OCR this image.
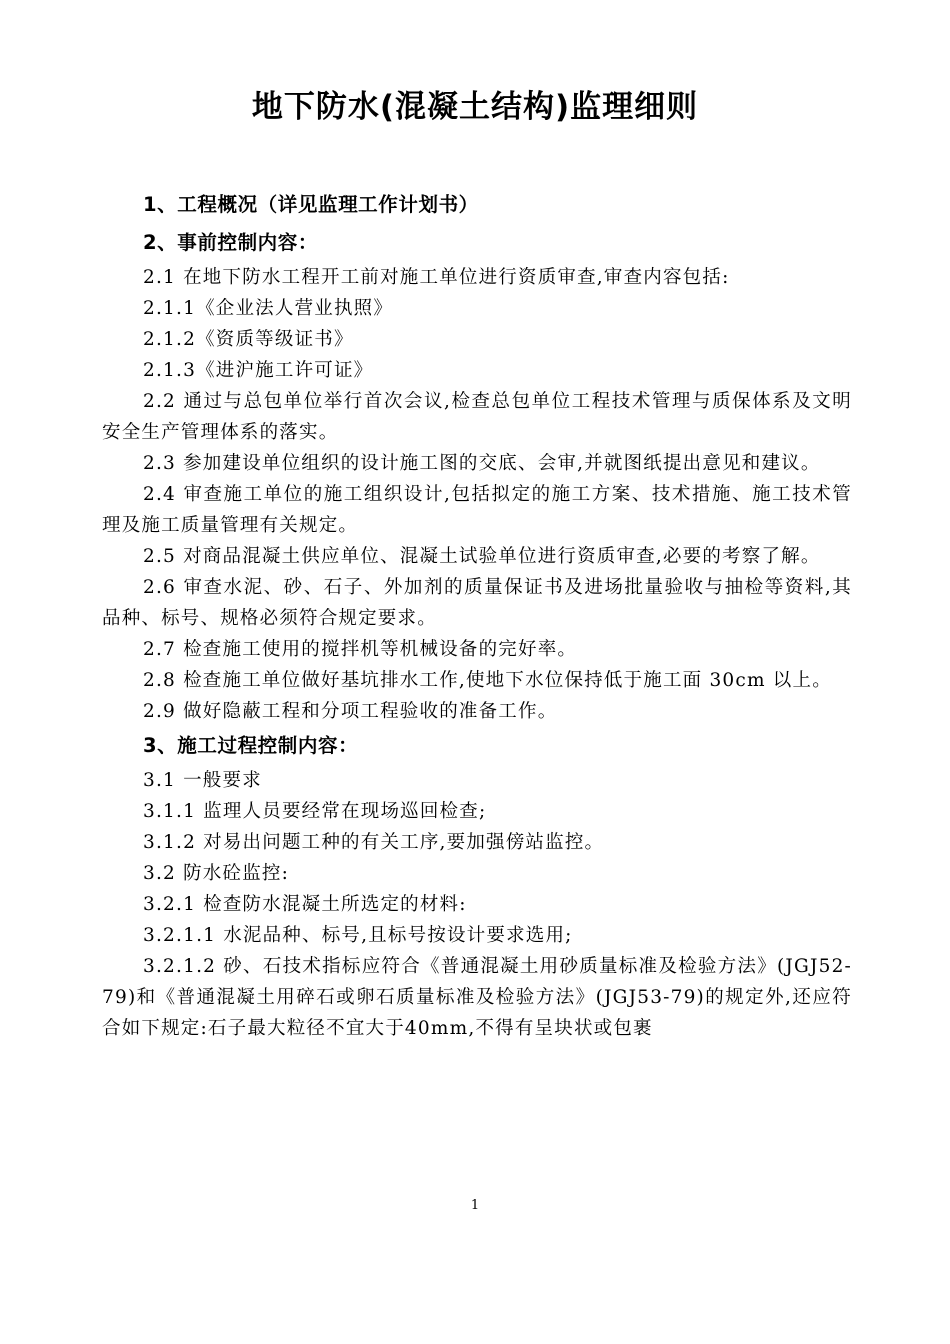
地下防水(混凝土结构)监理细则

1、工程概况（详见监理工作计划书）

2、事前控制内容：

2.1 在地下防水工程开工前对施工单位进行资质审查,审查内容包括:

2.1.1《企业法人营业执照》

2.1.2《资质等级证书》

2.1.3《进沪施工许可证》

2.2 通过与总包单位举行首次会议,检查总包单位工程技术管理与质保体系及文明安全生产管理体系的落实。

2.3 参加建设单位组织的设计施工图的交底、会审,并就图纸提出意见和建议。

2.4 审查施工单位的施工组织设计,包括拟定的施工方案、技术措施、施工技术管理及施工质量管理有关规定。

2.5 对商品混凝土供应单位、混凝土试验单位进行资质审查,必要的考察了解。

2.6 审查水泥、砂、石子、外加剂的质量保证书及进场批量验收与抽检等资料,其品种、标号、规格必须符合规定要求。

2.7 检查施工使用的搅拌机等机械设备的完好率。

2.8 检查施工单位做好基坑排水工作,使地下水位保持低于施工面 30cm 以上。

2.9 做好隐蔽工程和分项工程验收的准备工作。

3、施工过程控制内容：

3.1 一般要求

3.1.1 监理人员要经常在现场巡回检查;

3.1.2 对易出问题工种的有关工序,要加强傍站监控。

3.2 防水砼监控:

3.2.1 检查防水混凝土所选定的材料:

3.2.1.1 水泥品种、标号,且标号按设计要求选用;

3.2.1.2 砂、石技术指标应符合《普通混凝土用砂质量标准及检验方法》(JGJ52-79)和《普通混凝土用碎石或卵石质量标准及检验方法》(JGJ53-79)的规定外,还应符合如下规定:石子最大粒径不宜大于40mm,不得有呈块状或包裹

1
